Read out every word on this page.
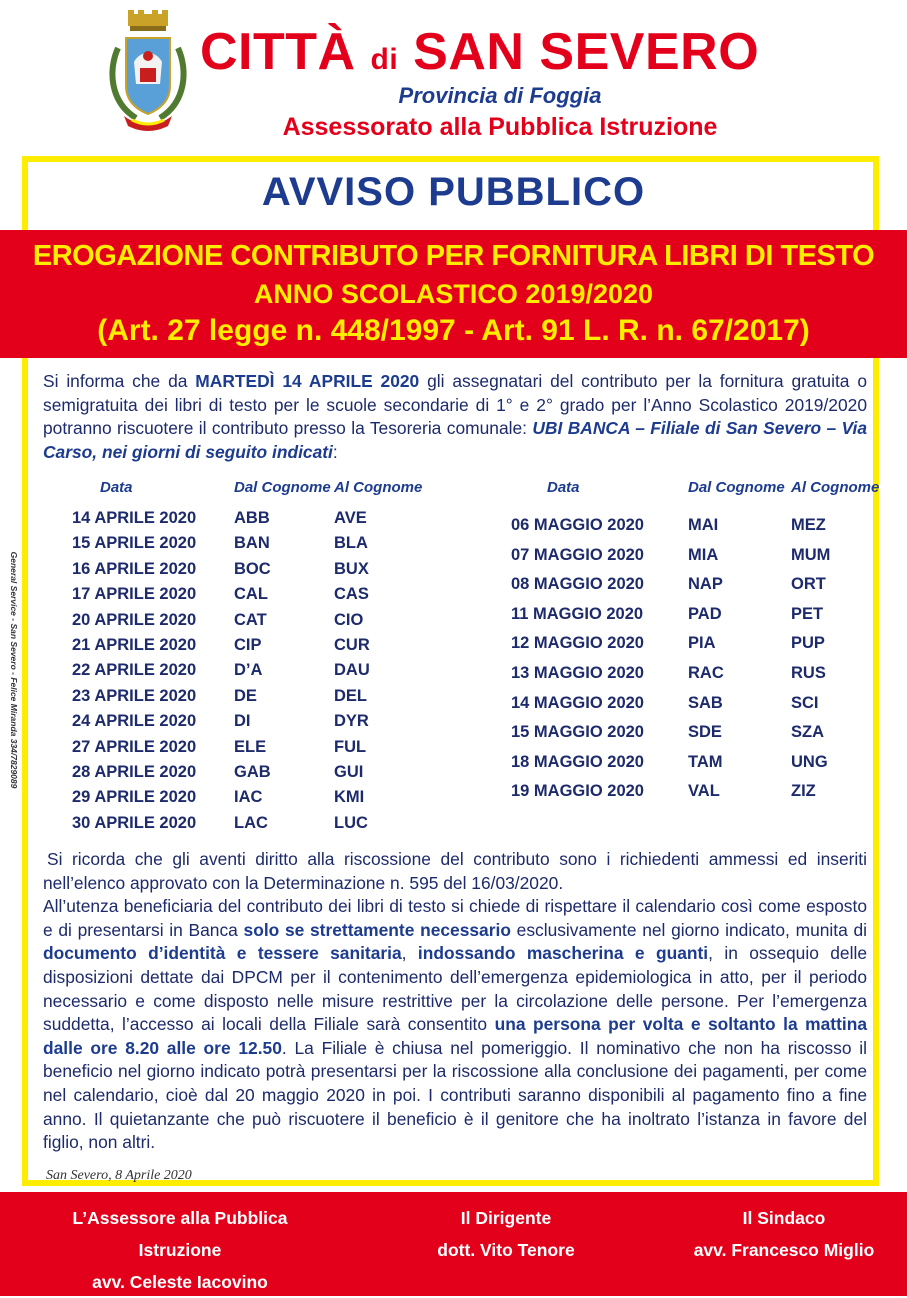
CITTÀ di SAN SEVERO
Provincia di Foggia
Assessorato alla Pubblica Istruzione
AVVISO PUBBLICO
EROGAZIONE CONTRIBUTO PER FORNITURA LIBRI DI TESTO
ANNO SCOLASTICO 2019/2020
(Art. 27 legge n. 448/1997 - Art. 91 L. R. n. 67/2017)
Si informa che da MARTEDÌ 14 APRILE 2020 gli assegnatari del contributo per la fornitura gratuita o semigratuita dei libri di testo per le scuole secondarie di 1° e 2° grado per l’Anno Scolastico 2019/2020 potranno riscuotere il contributo presso la Tesoreria comunale: UBI BANCA – Filiale di San Severo – Via Carso, nei giorni di seguito indicati:
Data	Dal Cognome Al Cognome	Data	Dal Cognome Al Cognome
14 APRILE 2020 ABB	AVE
15 APRILE 2020 BAN	BLA
16 APRILE 2020 BOC	BUX
17 APRILE 2020 CAL	CAS
20 APRILE 2020 CAT	CIO
21 APRILE 2020 CIP	CUR
22 APRILE 2020 D’A	DAU
23 APRILE 2020 DE	DEL
24 APRILE 2020 DI	DYR
27 APRILE 2020 ELE	FUL
28 APRILE 2020 GAB	GUI
29 APRILE 2020 IAC	KMI
30 APRILE 2020 LAC	LUC
06 MAGGIO 2020	MAI	MEZ
07 MAGGIO 2020	MIA	MUM
08 MAGGIO 2020	NAP	ORT
11 MAGGIO 2020	PAD	PET
12 MAGGIO 2020	PIA	PUP
13 MAGGIO 2020	RAC	RUS
14 MAGGIO 2020	SAB	SCI
15 MAGGIO 2020	SDE	SZA
18 MAGGIO 2020	TAM	UNG
19 MAGGIO 2020	VAL	ZIZ
General Service - San Severo - Felice Miranda 334/7829089
Si ricorda che gli aventi diritto alla riscossione del contributo sono i richiedenti ammessi ed inseriti nell’elenco approvato con la Determinazione n. 595 del 16/03/2020.
All’utenza beneficiaria del contributo dei libri di testo si chiede di rispettare il calendario così come esposto e di presentarsi in Banca solo se strettamente necessario esclusivamente nel giorno indicato, munita di documento d’identità e tessere sanitaria, indossando mascherina e guanti, in ossequio delle disposizioni dettate dai DPCM per il contenimento dell’emergenza epidemiologica in atto, per il periodo necessario e come disposto nelle misure restrittive per la circolazione delle persone. Per l’emergenza suddetta, l’accesso ai locali della Filiale sarà consentito una persona per volta e soltanto la mattina dalle ore 8.20 alle ore 12.50. La Filiale è chiusa nel pomeriggio. Il nominativo che non ha riscosso il beneficio nel giorno indicato potrà presentarsi per la riscossione alla conclusione dei pagamenti, per come nel calendario, cioè dal 20 maggio 2020 in poi. I contributi saranno disponibili al pagamento fino a fine anno. Il quietanzante che può riscuotere il beneficio è il genitore che ha inoltrato l’istanza in favore del figlio, non altri.
San Severo, 8 Aprile 2020
L’Assessore alla Pubblica Istruzione
avv. Celeste Iacovino
Il Dirigente
dott. Vito Tenore
Il Sindaco
avv. Francesco Miglio
